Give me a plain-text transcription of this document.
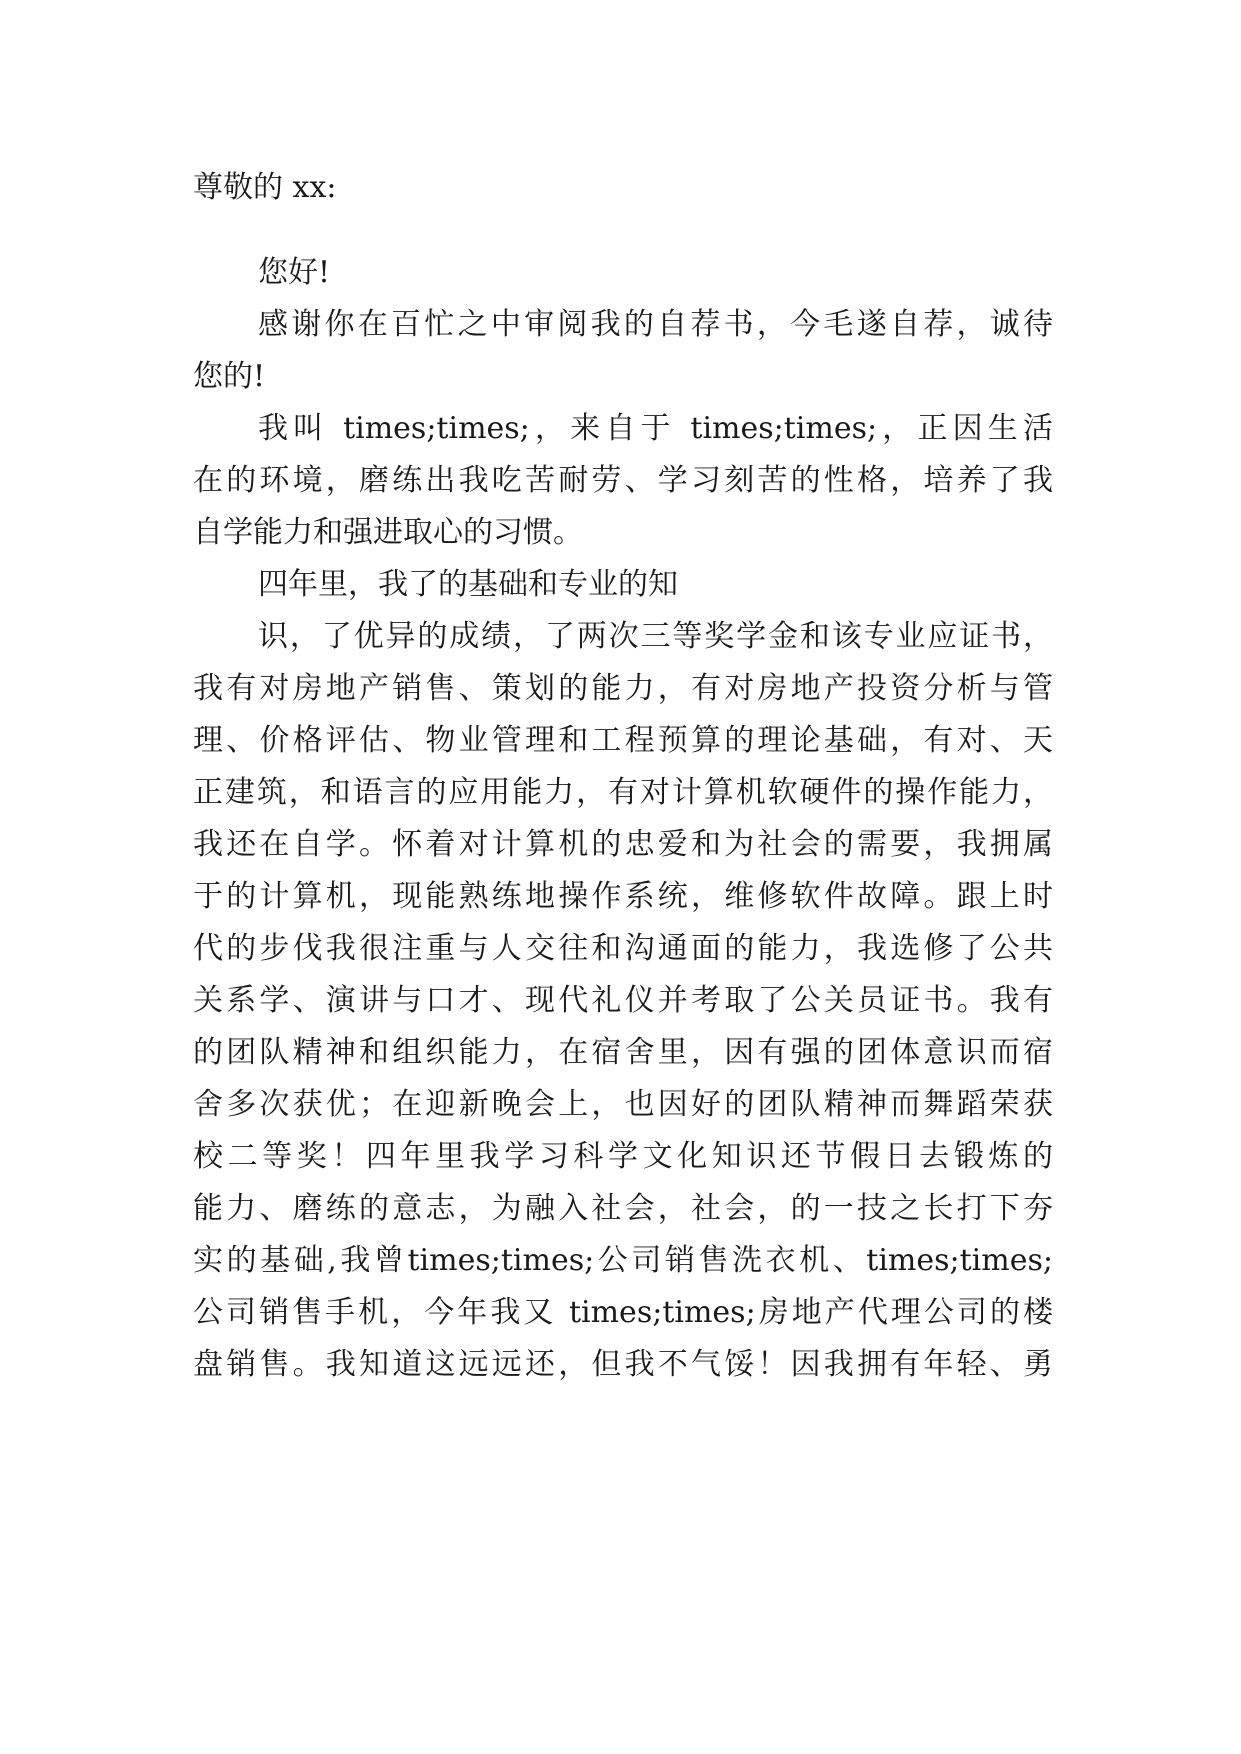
尊敬的 xx:
您好!
感谢你在百忙之中审阅我的自荐书，今毛遂自荐，诚待
您的!
我叫 times;times;，来自于 times;times;，正因生活
在的环境，磨练出我吃苦耐劳、学习刻苦的性格，培养了我
自学能力和强进取心的习惯。
四年里，我了的基础和专业的知
识，了优异的成绩，了两次三等奖学金和该专业应证书，
我有对房地产销售、策划的能力，有对房地产投资分析与管
理、价格评估、物业管理和工程预算的理论基础，有对、天
正建筑，和语言的应用能力，有对计算机软硬件的操作能力，
我还在自学。怀着对计算机的忠爱和为社会的需要，我拥属
于的计算机，现能熟练地操作系统，维修软件故障。跟上时
代的步伐我很注重与人交往和沟通面的能力，我选修了公共
关系学、演讲与口才、现代礼仪并考取了公关员证书。我有
的团队精神和组织能力，在宿舍里，因有强的团体意识而宿
舍多次获优；在迎新晚会上，也因好的团队精神而舞蹈荣获
校二等奖！四年里我学习科学文化知识还节假日去锻炼的
能力、磨练的意志，为融入社会，社会，的一技之长打下夯
实的基础,我曾times;times;公司销售洗衣机、times;times;
公司销售手机，今年我又 times;times;房地产代理公司的楼
盘销售。我知道这远远还，但我不气馁！因我拥有年轻、勇
